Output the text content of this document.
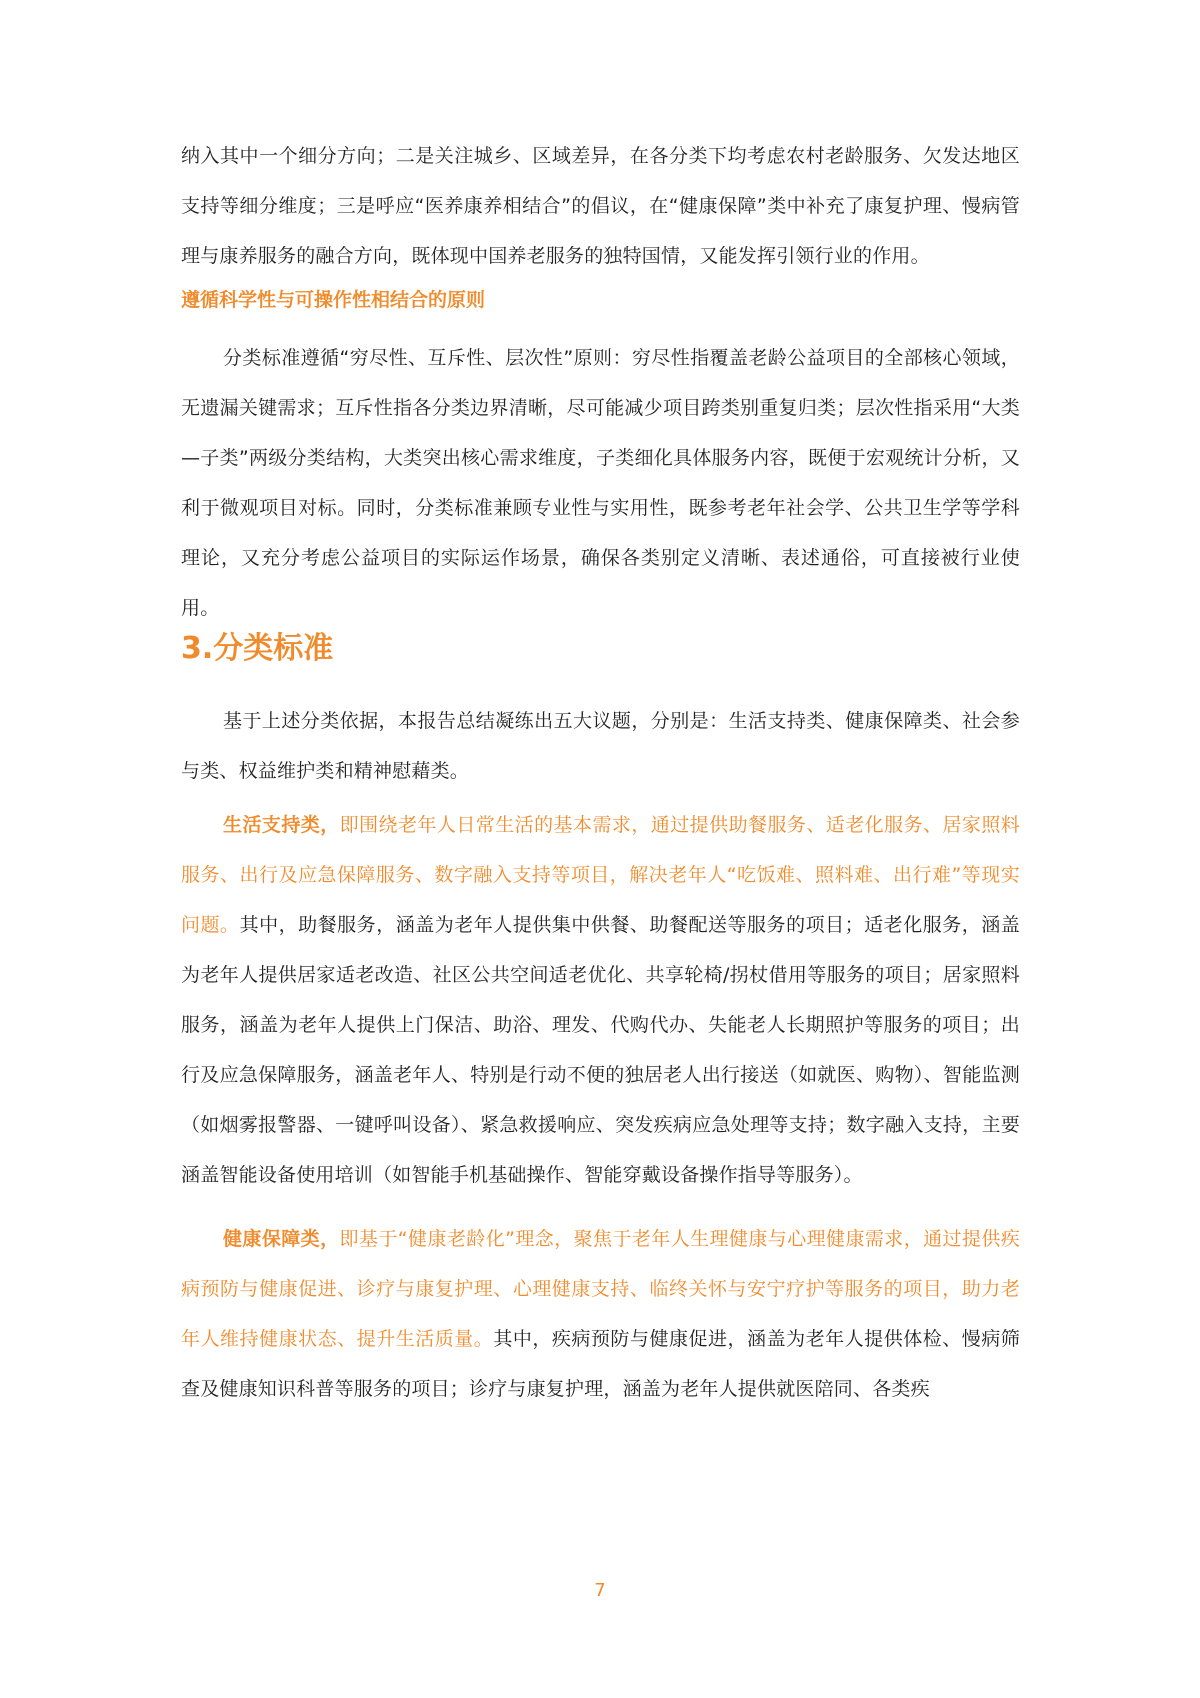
纳入其中一个细分方向；二是关注城乡、区域差异，在各分类下均考虑农村老龄服务、欠发达地区支持等细分维度；三是呼应“医养康养相结合”的倡议，在“健康保障”类中补充了康复护理、慢病管理与康养服务的融合方向，既体现中国养老服务的独特国情，又能发挥引领行业的作用。

遵循科学性与可操作性相结合的原则

分类标准遵循“穷尽性、互斥性、层次性”原则：穷尽性指覆盖老龄公益项目的全部核心领域，无遗漏关键需求；互斥性指各分类边界清晰，尽可能减少项目跨类别重复归类；层次性指采用“大类—子类”两级分类结构，大类突出核心需求维度，子类细化具体服务内容，既便于宏观统计分析，又利于微观项目对标。同时，分类标准兼顾专业性与实用性，既参考老年社会学、公共卫生学等学科理论，又充分考虑公益项目的实际运作场景，确保各类别定义清晰、表述通俗，可直接被行业使用。

3.分类标准

基于上述分类依据，本报告总结凝练出五大议题，分别是：生活支持类、健康保障类、社会参与类、权益维护类和精神慰藉类。

生活支持类，即围绕老年人日常生活的基本需求，通过提供助餐服务、适老化服务、居家照料服务、出行及应急保障服务、数字融入支持等项目，解决老年人“吃饭难、照料难、出行难”等现实问题。其中，助餐服务，涵盖为老年人提供集中供餐、助餐配送等服务的项目；适老化服务，涵盖为老年人提供居家适老改造、社区公共空间适老优化、共享轮椅/拐杖借用等服务的项目；居家照料服务，涵盖为老年人提供上门保洁、助浴、理发、代购代办、失能老人长期照护等服务的项目；出行及应急保障服务，涵盖老年人、特别是行动不便的独居老人出行接送（如就医、购物）、智能监测（如烟雾报警器、一键呼叫设备）、紧急救援响应、突发疾病应急处理等支持；数字融入支持，主要涵盖智能设备使用培训（如智能手机基础操作、智能穿戴设备操作指导等服务）。

健康保障类，即基于“健康老龄化”理念，聚焦于老年人生理健康与心理健康需求，通过提供疾病预防与健康促进、诊疗与康复护理、心理健康支持、临终关怀与安宁疗护等服务的项目，助力老年人维持健康状态、提升生活质量。其中，疾病预防与健康促进，涵盖为老年人提供体检、慢病筛查及健康知识科普等服务的项目；诊疗与康复护理，涵盖为老年人提供就医陪同、各类疾

7
